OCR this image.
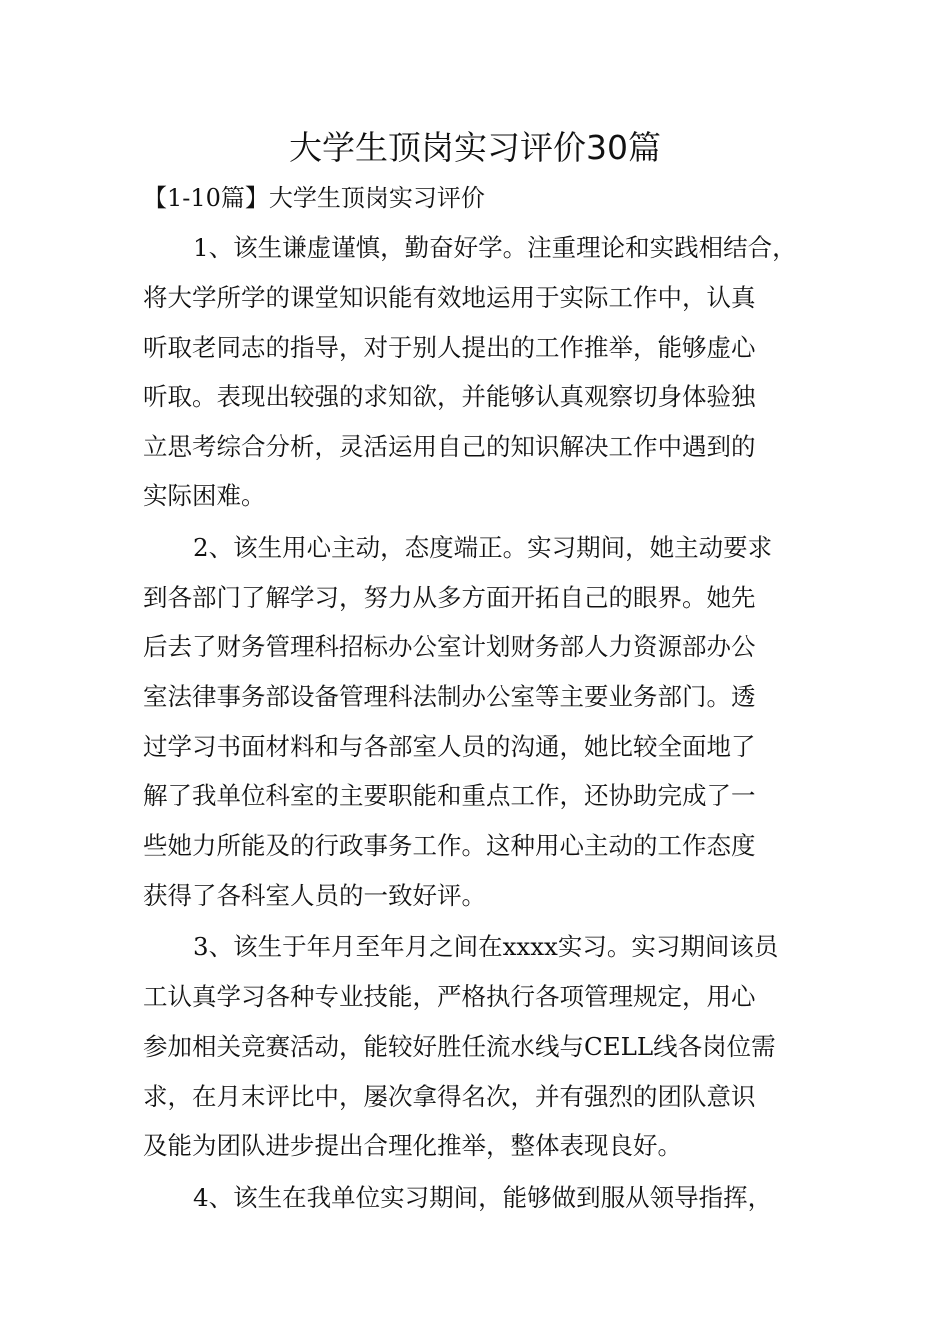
大学生顶岗实习评价30篇

【1-10篇】大学生顶岗实习评价

1、该生谦虚谨慎，勤奋好学。注重理论和实践相结合，

将大学所学的课堂知识能有效地运用于实际工作中，认真

听取老同志的指导，对于别人提出的工作推举，能够虚心

听取。表现出较强的求知欲，并能够认真观察切身体验独

立思考综合分析，灵活运用自己的知识解决工作中遇到的

实际困难。

2、该生用心主动，态度端正。实习期间，她主动要求

到各部门了解学习，努力从多方面开拓自己的眼界。她先

后去了财务管理科招标办公室计划财务部人力资源部办公

室法律事务部设备管理科法制办公室等主要业务部门。透

过学习书面材料和与各部室人员的沟通，她比较全面地了

解了我单位科室的主要职能和重点工作，还协助完成了一

些她力所能及的行政事务工作。这种用心主动的工作态度

获得了各科室人员的一致好评。

3、该生于年月至年月之间在xxxx实习。实习期间该员

工认真学习各种专业技能，严格执行各项管理规定，用心

参加相关竞赛活动，能较好胜任流水线与CELL线各岗位需

求，在月末评比中，屡次拿得名次，并有强烈的团队意识

及能为团队进步提出合理化推举，整体表现良好。

4、该生在我单位实习期间，能够做到服从领导指挥，
